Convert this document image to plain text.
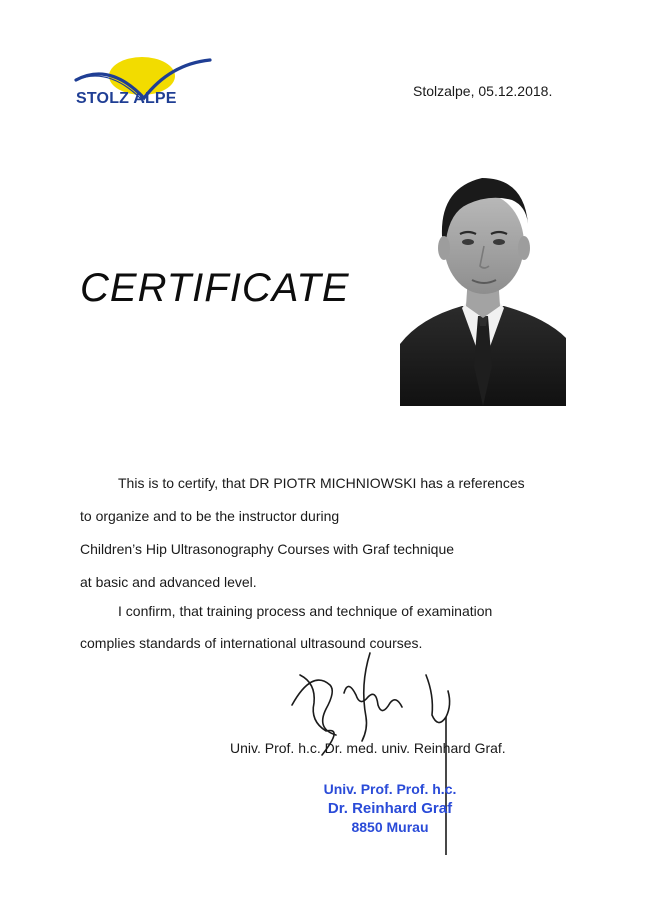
STOLZ ALPE	Stolzalpe, 05.12.2018.
CERTIFICATE
This is to certify, that DR PIOTR MICHNIOWSKI has a references
to organize and to be the instructor during
Children’s Hip Ultrasonography Courses with Graf technique
at basic and advanced level.
I confirm, that training process and technique of examination
complies standards of international ultrasound courses.
Univ. Prof. h.c. Dr. med. univ. Reinhard Graf.
Univ. Prof. Prof. h.c.
Dr. Reinhard Graf
8850 Murau
